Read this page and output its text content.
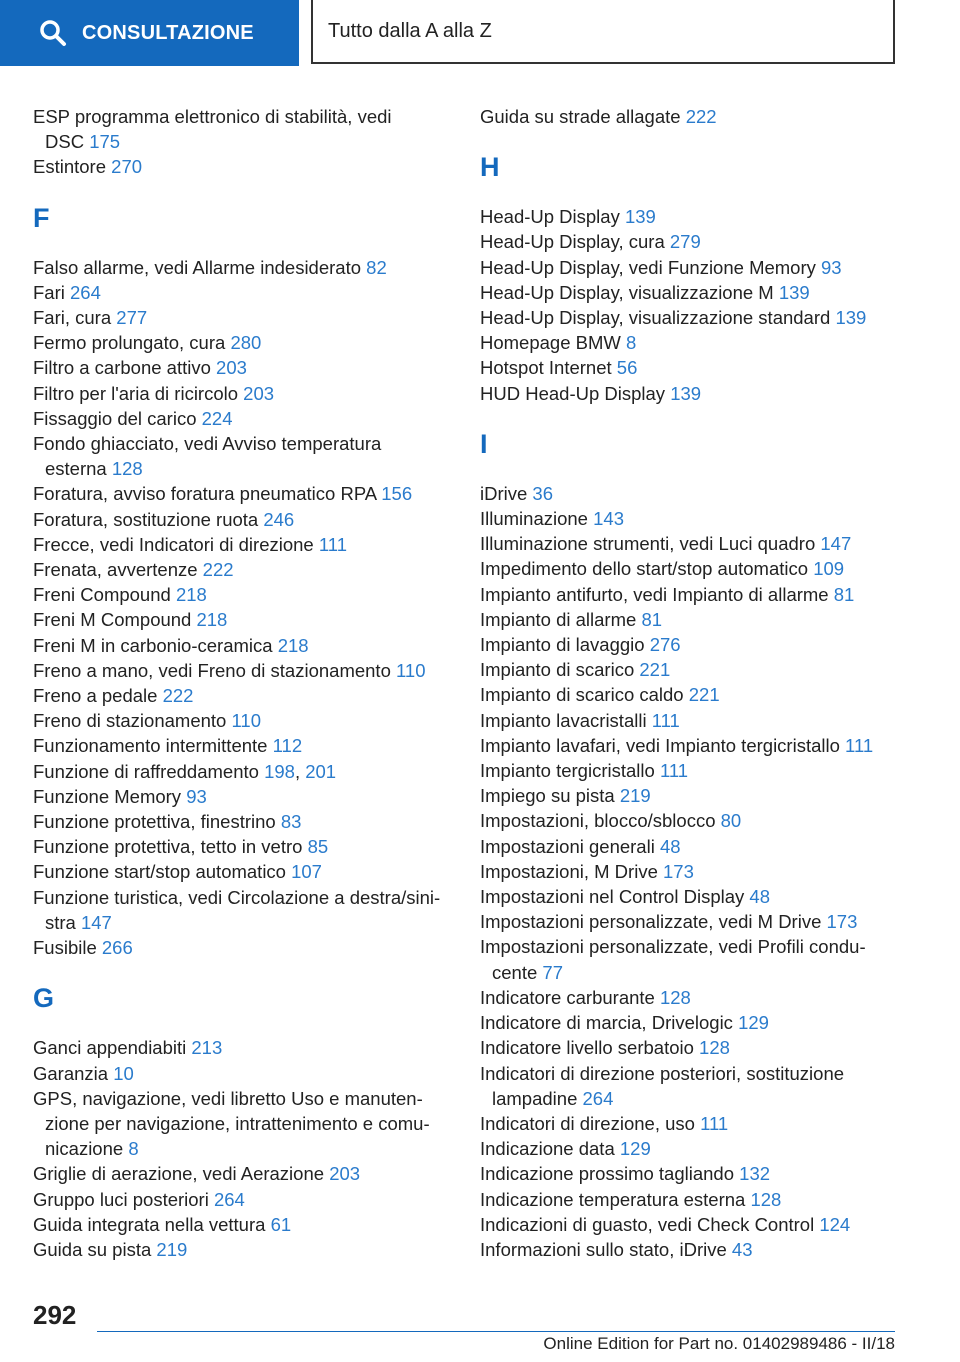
CONSULTAZIONE	Tutto dalla A alla Z
ESP programma elettronico di stabilità, vedi
DSC 175
Estintore 270
F
Falso allarme, vedi Allarme indesiderato 82
Fari 264
Fari, cura 277
Fermo prolungato, cura 280
Filtro a carbone attivo 203
Filtro per l'aria di ricircolo 203
Fissaggio del carico 224
Fondo ghiacciato, vedi Avviso temperatura
esterna 128
Foratura, avviso foratura pneumatico RPA 156
Foratura, sostituzione ruota 246
Frecce, vedi Indicatori di direzione 111
Frenata, avvertenze 222
Freni Compound 218
Freni M Compound 218
Freni M in carbonio-ceramica 218
Freno a mano, vedi Freno di stazionamento 110
Freno a pedale 222
Freno di stazionamento 110
Funzionamento intermittente 112
Funzione di raffreddamento 198, 201
Funzione Memory 93
Funzione protettiva, finestrino 83
Funzione protettiva, tetto in vetro 85
Funzione start/stop automatico 107
Funzione turistica, vedi Circolazione a destra/sini-
stra 147
Fusibile 266
G
Ganci appendiabiti 213
Garanzia 10
GPS, navigazione, vedi libretto Uso e manuten-
zione per navigazione, intrattenimento e comu-
nicazione 8
Griglie di aerazione, vedi Aerazione 203
Gruppo luci posteriori 264
Guida integrata nella vettura 61
Guida su pista 219
Guida su strade allagate 222
H
Head-Up Display 139
Head-Up Display, cura 279
Head-Up Display, vedi Funzione Memory 93
Head-Up Display, visualizzazione M 139
Head-Up Display, visualizzazione standard 139
Homepage BMW 8
Hotspot Internet 56
HUD Head-Up Display 139
I
iDrive 36
Illuminazione 143
Illuminazione strumenti, vedi Luci quadro 147
Impedimento dello start/stop automatico 109
Impianto antifurto, vedi Impianto di allarme 81
Impianto di allarme 81
Impianto di lavaggio 276
Impianto di scarico 221
Impianto di scarico caldo 221
Impianto lavacristalli 111
Impianto lavafari, vedi Impianto tergicristallo 111
Impianto tergicristallo 111
Impiego su pista 219
Impostazioni, blocco/sblocco 80
Impostazioni generali 48
Impostazioni, M Drive 173
Impostazioni nel Control Display 48
Impostazioni personalizzate, vedi M Drive 173
Impostazioni personalizzate, vedi Profili condu-
cente 77
Indicatore carburante 128
Indicatore di marcia, Drivelogic 129
Indicatore livello serbatoio 128
Indicatori di direzione posteriori, sostituzione
lampadine 264
Indicatori di direzione, uso 111
Indicazione data 129
Indicazione prossimo tagliando 132
Indicazione temperatura esterna 128
Indicazioni di guasto, vedi Check Control 124
Informazioni sullo stato, iDrive 43
292
Online Edition for Part no. 01402989486 - II/18
